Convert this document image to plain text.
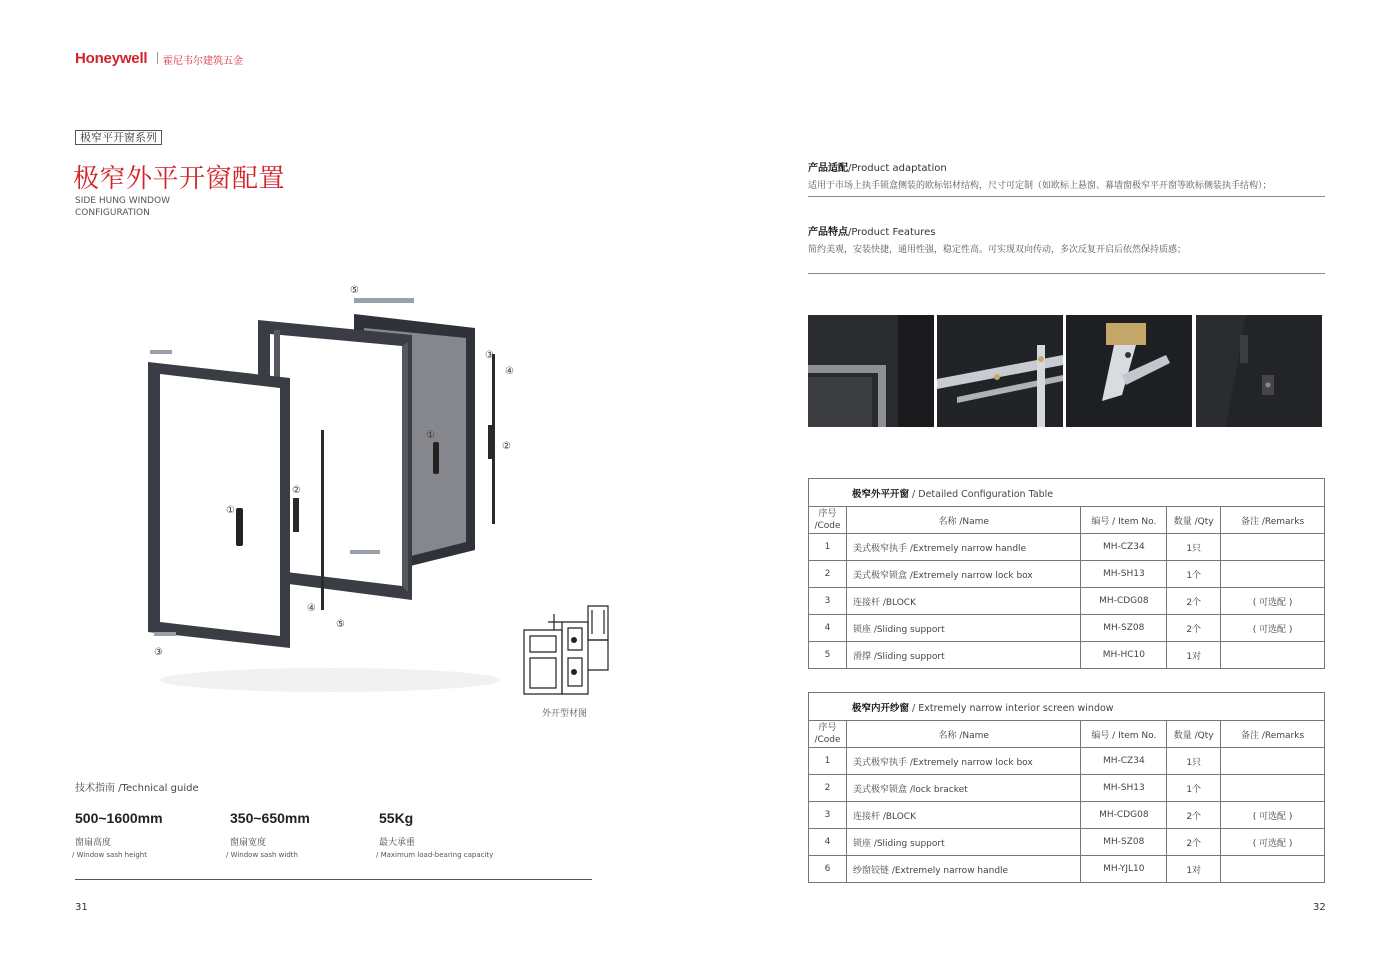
Honeywell 霍尼韦尔建筑五金
极窄平开窗系列
极窄外平开窗配置
SIDE HUNG WINDOW
CONFIGURATION
⑤
①
②
①
③
④
②
④
⑤
③
外开型材图
技术指南 /Technical guide
500~1600mm
窗扇高度
/ Window sash height
350~650mm
窗扇宽度
/ Window sash width
55Kg
最大承重
/ Maximum load-bearing capacity
31
产品适配/Product adaptation
适用于市场上执手锁盒侧装的欧标铝材结构，尺寸可定制（如欧标上悬窗、幕墙窗极窄平开窗等欧标侧装执手结构）；
产品特点/Product Features
简约美观，安装快捷，通用性强，稳定性高。可实现双向传动，多次反复开启后依然保持质感；
极窄外平开窗 / Detailed Configuration Table				
序号
/Code	名称 /Name	编号 / Item No.	数量 /Qty	备注 /Remarks
1	美式极窄执手 /Extremely narrow handle	MH-CZ34	1只	
2	美式极窄锁盒 /Extremely narrow lock box	MH-SH13	1个	
3	连接杆 /BLOCK	MH-CDG08	2个	( 可选配 )
4	锁座 /Sliding support	MH-SZ08	2个	( 可选配 )
5	滑撑 /Sliding support	MH-HC10	1对	
极窄内开纱窗 / Extremely narrow interior screen window				
序号
/Code	名称 /Name	编号 / Item No.	数量 /Qty	备注 /Remarks
1	美式极窄执手 /Extremely narrow lock box	MH-CZ34	1只	
2	美式极窄锁盒 /lock bracket	MH-SH13	1个	
3	连接杆 /BLOCK	MH-CDG08	2个	( 可选配 )
4	锁座 /Sliding support	MH-SZ08	2个	( 可选配 )
6	纱窗铰链 /Extremely narrow handle	MH-YJL10	1对	
32
